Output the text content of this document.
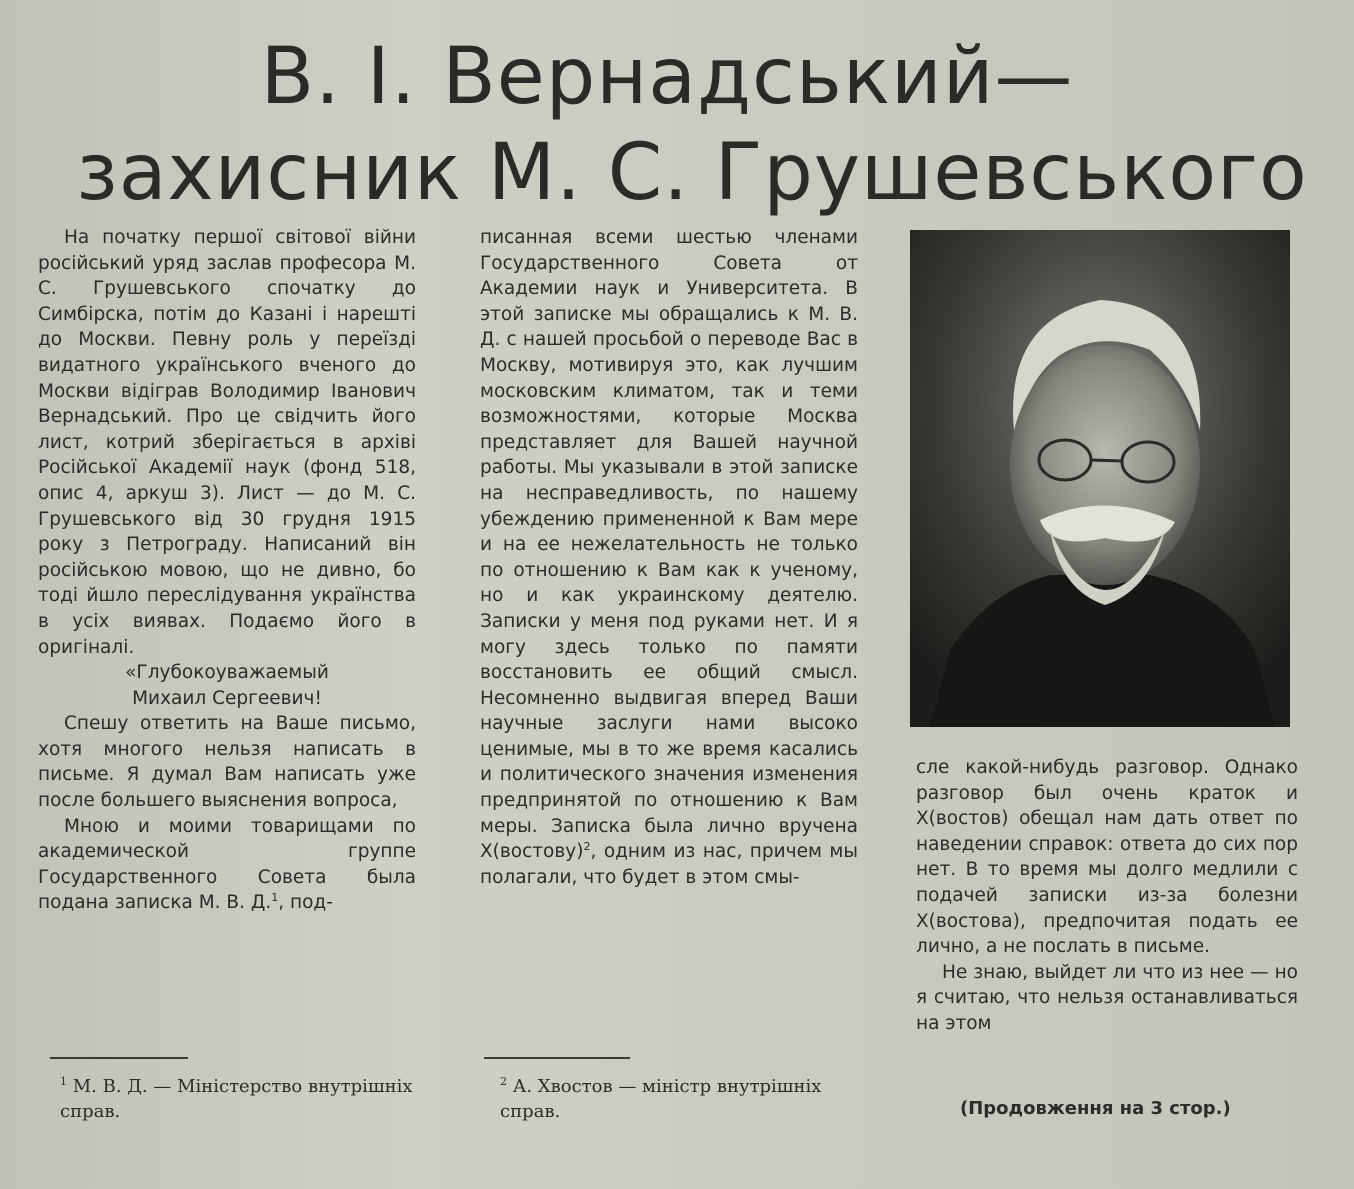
В. І. Вернадський—
захисник М. С. Грушевського

На початку першої світової війни російський уряд заслав професора М. С. Грушевського спочатку до Симбірска, потім до Казані і нарешті до Москви. Певну роль у переїзді видатного українського вченого до Москви відіграв Володимир Іванович Вернадський. Про це свідчить його лист, котрий зберігається в архіві Російської Академії наук (фонд 518, опис 4, аркуш 3). Лист — до М. С. Грушевського від 30 грудня 1915 року з Петрограду. Написаний він російською мовою, що не дивно, бо тоді йшло переслідування українства в усіх виявах. Подаємо його в оригіналі.

«Глубокоуважаемый

Михаил Сергеевич!

Спешу ответить на Ваше письмо, хотя многого нельзя написать в письме. Я думал Вам написать уже после большего выяснения вопроса,

Мною и моими товарищами по академической группе Государственного Совета была подана записка М. В. Д.$^1$, под-

$^1$ М. В. Д. — Міністерство внутрішніх справ.

писанная всеми шестью членами Государственного Совета от Академии наук и Университета. В этой записке мы обращались к М. В. Д. с нашей просьбой о переводе Вас в Москву, мотивируя это, как лучшим московским климатом, так и теми возможностями, которые Москва представляет для Вашей научной работы. Мы указывали в этой записке на несправедливость, по нашему убеждению примененной к Вам мере и на ее нежелательность не только по отношению к Вам как к ученому, но и как украинскому деятелю. Записки у меня под руками нет. И я могу здесь только по памяти восстановить ее общий смысл. Несомненно выдвигая вперед Ваши научные заслуги нами высоко ценимые, мы в то же время касались и политического значения изменения предпринятой по отношению к Вам меры. Записка была лично вручена Х(востову)$^2$, одним из нас, причем мы полагали, что будет в этом смы-

$^2$ А. Хвостов — міністр внутрішніх справ.

сле какой-нибудь разговор. Однако разговор был очень краток и Х(востов) обещал нам дать ответ по наведении справок: ответа до сих пор нет. В то время мы долго медлили с подачей записки из-за болезни Х(востова), предпочитая подать ее лично, а не послать в письме.

Не знаю, выйдет ли что из нее — но я считаю, что нельзя останавливаться на этом

(Продовження на 3 стор.)
